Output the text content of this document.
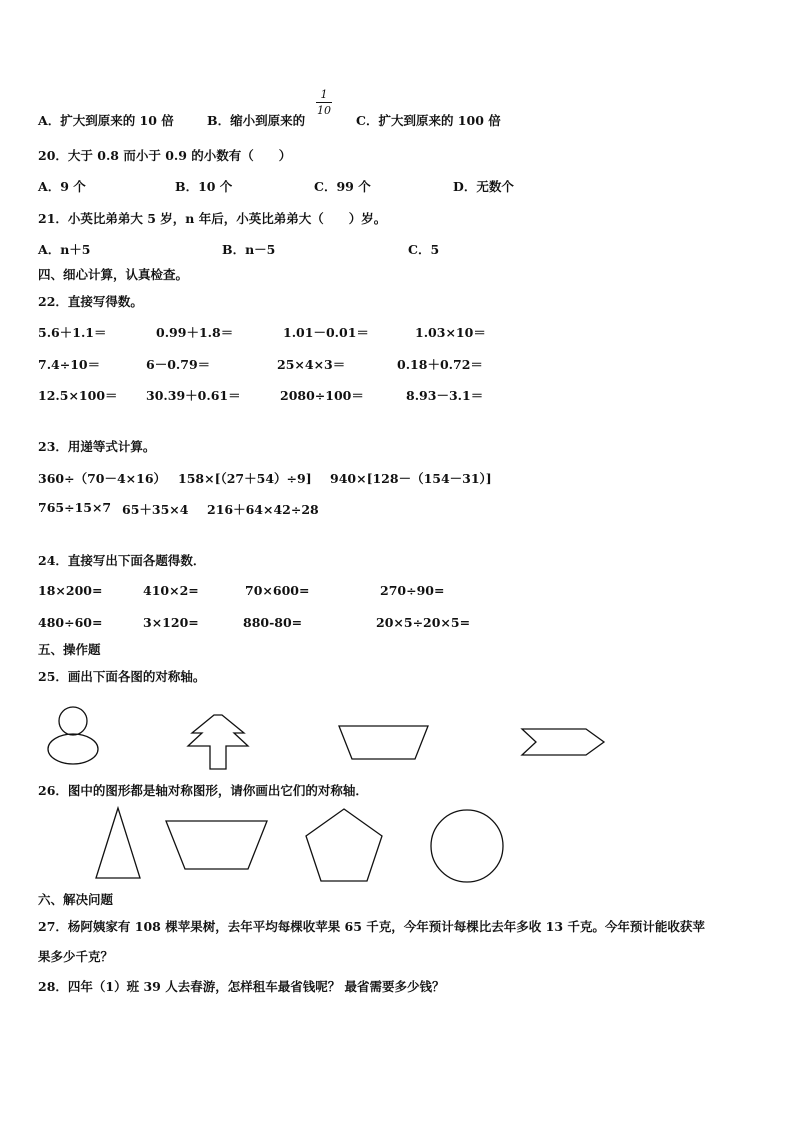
A．扩大到原来的 10 倍	B．缩小到原来的
1
10
C．扩大到原来的 100 倍
20．大于 0.8 而小于 0.9 的小数有（　　）
A．9 个	B．10 个	C．99 个	D．无数个
21．小英比弟弟大 5 岁，n 年后，小英比弟弟大（　　）岁。
A．n＋5	B．n－5	C．5
四、细心计算，认真检查。
22．直接写得数。
5.6＋1.1＝	0.99＋1.8＝	1.01－0.01＝	1.03×10＝
7.4÷10＝	6－0.79＝	25×4×3＝	0.18＋0.72＝
12.5×100＝ 30.39＋0.61＝	2080÷100＝	8.93－3.1＝
23．用递等式计算。
360÷（70－4×16） 158×[（27＋54）÷9] 940×[128－（154－31）]
765÷15×7 65＋35×4 216＋64×42÷28
24．直接写出下面各题得数．
18×200=	410×2=	70×600=	270÷90=
480÷60=	3×120=	880-80=	20×5÷20×5=
五、操作题
25．画出下面各图的对称轴。
26．图中的图形都是轴对称图形，请你画出它们的对称轴．
六、解决问题
27．杨阿姨家有 108 棵苹果树，去年平均每棵收苹果 65 千克，今年预计每棵比去年多收 13 千克。今年预计能收获苹
果多少千克？
28．四年（1）班 39 人去春游，怎样租车最省钱呢？ 最省需要多少钱？
